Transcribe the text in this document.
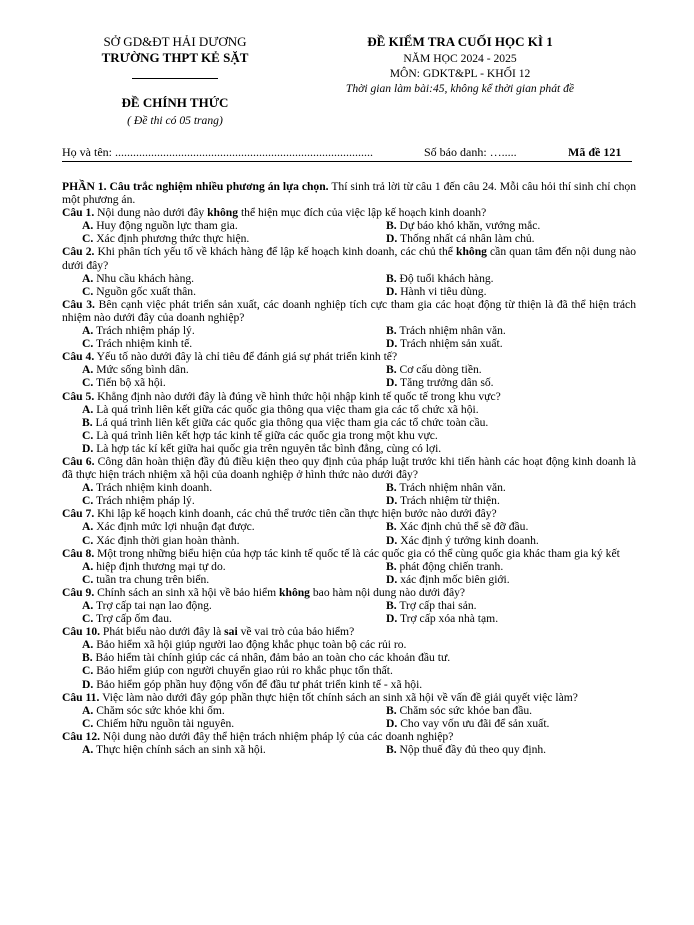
SỞ GD&ĐT HẢI DƯƠNG
TRƯỜNG THPT KẺ SẶT
ĐỀ CHÍNH THỨC
( Đề thi có 05 trang)
ĐỀ KIỂM TRA CUỐI HỌC KÌ 1
NĂM HỌC 2024 - 2025
MÔN: GDKT&PL - KHỐI 12
Thời gian làm bài:45, không kể thời gian phát đề
Họ và tên: ......................................................................................	Số báo danh: ….....	Mã đề 121

PHẦN 1. Câu trắc nghiệm nhiều phương án lựa chọn. Thí sinh trả lời từ câu 1 đến câu 24. Mỗi câu hỏi thí sinh chỉ chọn một phương án.

Câu 1. Nội dung nào dưới đây không thể hiện mục đích của việc lập kế hoạch kinh doanh?

A. Huy động nguồn lực tham gia.	B. Dự báo khó khăn, vướng mắc.
C. Xác định phương thức thực hiện.	D. Thống nhất cá nhân làm chủ.

Câu 2. Khi phân tích yếu tố về khách hàng để lập kế hoạch kinh doanh, các chủ thể không cần quan tâm đến nội dung nào dưới đây?

A. Nhu cầu khách hàng.	B. Độ tuổi khách hàng.
C. Nguồn gốc xuất thân.	D. Hành vi tiêu dùng.

Câu 3. Bên cạnh việc phát triển sản xuất, các doanh nghiệp tích cực tham gia các hoạt động từ thiện là đã thể hiện trách nhiệm nào dưới đây của doanh nghiệp?

A. Trách nhiệm pháp lý.	B. Trách nhiệm nhân văn.
C. Trách nhiệm kinh tế.	D. Trách nhiệm sản xuất.

Câu 4. Yếu tố nào dưới đây là chỉ tiêu để đánh giá sự phát triển kinh tế?

A. Mức sống bình dân.	B. Cơ cấu dòng tiền.
C. Tiến bộ xã hội.	D. Tăng trưởng dân số.

Câu 5. Khẳng định nào dưới đây là đúng về hình thức hội nhập kinh tế quốc tế trong khu vực?

A. Là quá trình liên kết giữa các quốc gia thông qua việc tham gia các tổ chức xã hội.

B. Lá quá trình liên kết giữa các quốc gia thông qua việc tham gia các tổ chức toàn cầu.

C. Là quá trình liên kết hợp tác kinh tế giữa các quốc gia trong một khu vực.

D. Là hợp tác kí kết giữa hai quốc gia trên nguyên tắc bình đẳng, cùng có lợi.

Câu 6. Công dân hoàn thiện đầy đủ điều kiện theo quy định của pháp luật trước khi tiến hành các hoạt động kinh doanh là đã thực hiện trách nhiệm xã hội của doanh nghiệp ở hình thức nào dưới đây?

A. Trách nhiệm kinh doanh.	B. Trách nhiệm nhân văn.
C. Trách nhiệm pháp lý.	D. Trách nhiệm từ thiện.

Câu 7. Khi lập kế hoạch kinh doanh, các chủ thể trước tiên cần thực hiện bước nào dưới đây?

A. Xác định mức lợi nhuận đạt được.	B. Xác định chủ thể sẽ đỡ đầu.
C. Xác định thời gian hoàn thành.	D. Xác định ý tưởng kinh doanh.

Câu 8. Một trong những biểu hiện của hợp tác kinh tế quốc tế là các quốc gia có thể cùng quốc gia khác tham gia ký kết

A. hiệp định thương mại tự do.	B. phát động chiến tranh.
C. tuần tra chung trên biển.	D. xác định mốc biên giới.

Câu 9. Chính sách an sinh xã hội về bảo hiểm không bao hàm nội dung nào dưới đây?

A. Trợ cấp tai nạn lao động.	B. Trợ cấp thai sản.
C. Trợ cấp ốm đau.	D. Trợ cấp xóa nhà tạm.

Câu 10. Phát biểu nào dưới đây là sai về vai trò của bảo hiểm?

A. Bảo hiểm xã hội giúp người lao động khắc phục toàn bộ các rủi ro.

B. Bảo hiểm tài chính giúp các cá nhân, đảm bảo an toàn cho các khoản đầu tư.

C. Bảo hiểm giúp con người chuyển giao rủi ro khắc phục tổn thất.

D. Bảo hiểm góp phần huy động vốn để đầu tư phát triển kinh tế - xã hội.

Câu 11. Việc làm nào dưới đây góp phần thực hiện tốt chính sách an sinh xã hội về vấn đề giải quyết việc làm?

A. Chăm sóc sức khỏe khi ốm.	B. Chăm sóc sức khỏe ban đầu.
C. Chiếm hữu nguồn tài nguyên.	D. Cho vay vốn ưu đãi để sản xuất.

Câu 12. Nội dung nào dưới đây thể hiện trách nhiệm pháp lý của các doanh nghiệp?

A. Thực hiện chính sách an sinh xã hội.	B. Nộp thuế đầy đủ theo quy định.
